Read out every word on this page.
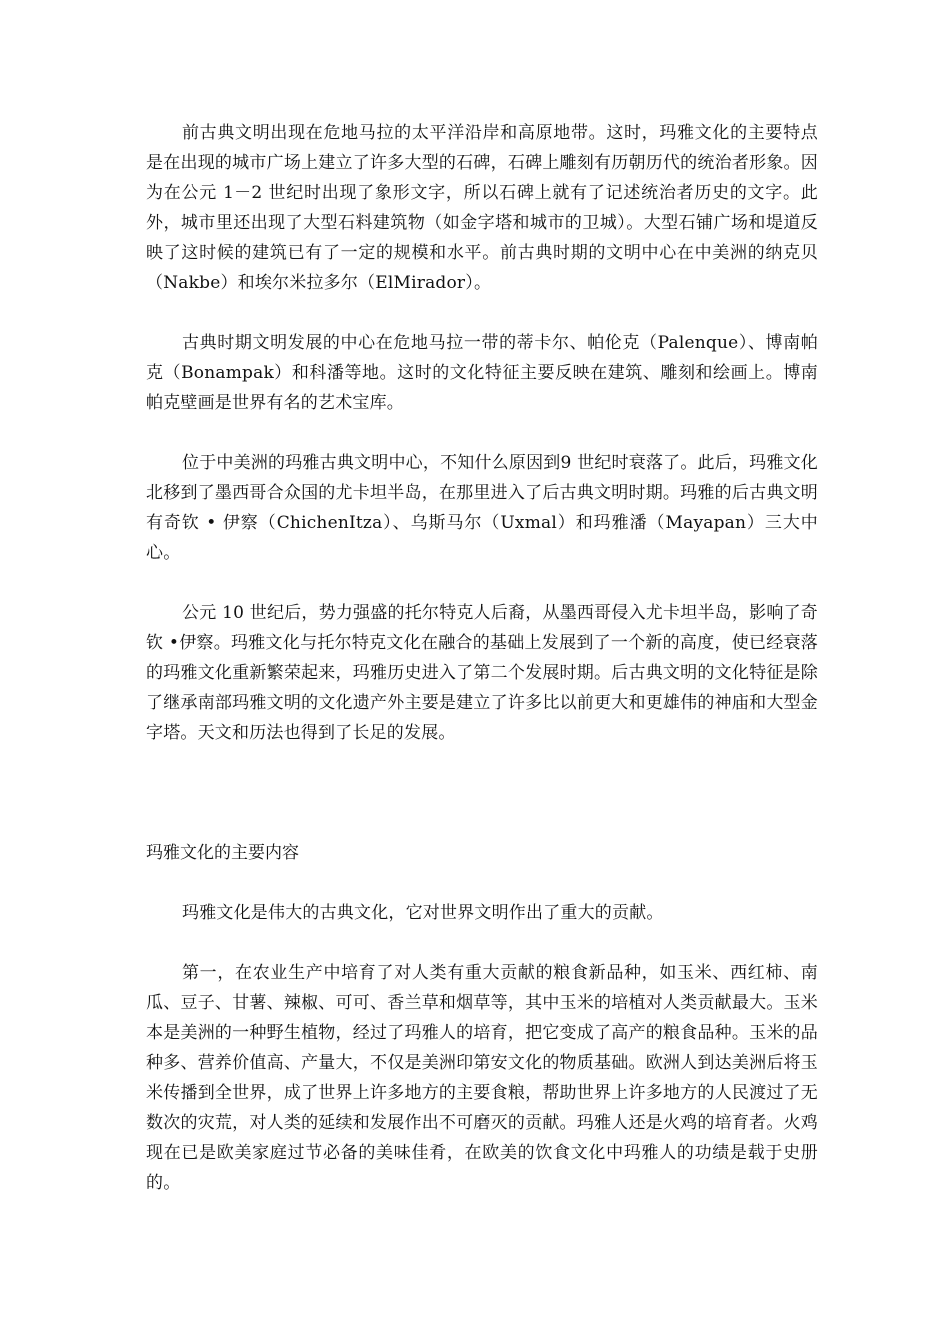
前古典文明出现在危地马拉的太平洋沿岸和高原地带。这时，玛雅文化的主要特点是在出现的城市广场上建立了许多大型的石碑，石碑上雕刻有历朝历代的统治者形象。因为在公元 1－2 世纪时出现了象形文字，所以石碑上就有了记述统治者历史的文字。此外，城市里还出现了大型石料建筑物（如金字塔和城市的卫城）。大型石铺广场和堤道反映了这时候的建筑已有了一定的规模和水平。前古典时期的文明中心在中美洲的纳克贝（Nakbe）和埃尔米拉多尔（ElMirador）。

古典时期文明发展的中心在危地马拉一带的蒂卡尔、帕伦克（Palenque）、博南帕克（Bonampak）和科潘等地。这时的文化特征主要反映在建筑、雕刻和绘画上。博南帕克壁画是世界有名的艺术宝库。

位于中美洲的玛雅古典文明中心，不知什么原因到9 世纪时衰落了。此后，玛雅文化北移到了墨西哥合众国的尤卡坦半岛，在那里进入了后古典文明时期。玛雅的后古典文明有奇钦 • 伊察（ChichenItza）、乌斯马尔（Uxmal）和玛雅潘（Mayapan）三大中心。

公元 10 世纪后，势力强盛的托尔特克人后裔，从墨西哥侵入尤卡坦半岛，影响了奇钦 •伊察。玛雅文化与托尔特克文化在融合的基础上发展到了一个新的高度，使已经衰落的玛雅文化重新繁荣起来，玛雅历史进入了第二个发展时期。后古典文明的文化特征是除了继承南部玛雅文明的文化遗产外主要是建立了许多比以前更大和更雄伟的神庙和大型金字塔。天文和历法也得到了长足的发展。

玛雅文化的主要内容

玛雅文化是伟大的古典文化，它对世界文明作出了重大的贡献。

第一，在农业生产中培育了对人类有重大贡献的粮食新品种，如玉米、西红柿、南瓜、豆子、甘薯、辣椒、可可、香兰草和烟草等，其中玉米的培植对人类贡献最大。玉米本是美洲的一种野生植物，经过了玛雅人的培育，把它变成了高产的粮食品种。玉米的品种多、营养价值高、产量大，不仅是美洲印第安文化的物质基础。欧洲人到达美洲后将玉米传播到全世界，成了世界上许多地方的主要食粮，帮助世界上许多地方的人民渡过了无数次的灾荒，对人类的延续和发展作出不可磨灭的贡献。玛雅人还是火鸡的培育者。火鸡现在已是欧美家庭过节必备的美味佳肴，在欧美的饮食文化中玛雅人的功绩是载于史册的。
